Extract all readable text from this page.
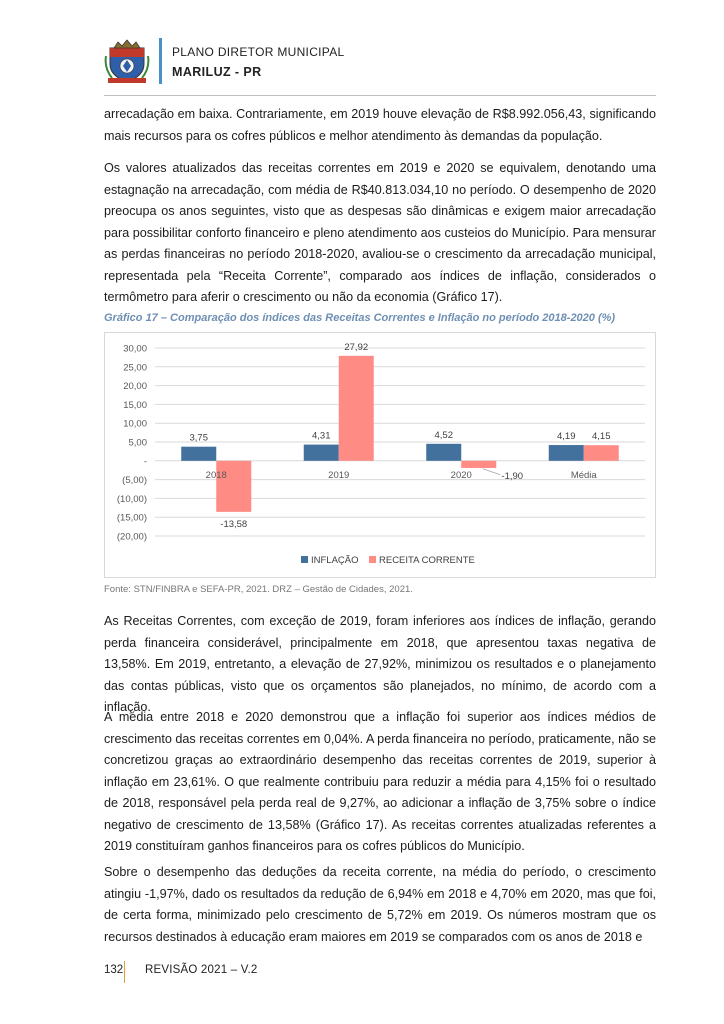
PLANO DIRETOR MUNICIPAL
MARILUZ - PR

arrecadação em baixa. Contrariamente, em 2019 houve elevação de R$8.992.056,43, significando mais recursos para os cofres públicos e melhor atendimento às demandas da população.

Os valores atualizados das receitas correntes em 2019 e 2020 se equivalem, denotando uma estagnação na arrecadação, com média de R$40.813.034,10 no período. O desempenho de 2020 preocupa os anos seguintes, visto que as despesas são dinâmicas e exigem maior arrecadação para possibilitar conforto financeiro e pleno atendimento aos custeios do Município. Para mensurar as perdas financeiras no período 2018-2020, avaliou-se o crescimento da arrecadação municipal, representada pela “Receita Corrente”, comparado aos índices de inflação, considerados o termômetro para aferir o crescimento ou não da economia (Gráfico 17).

Gráfico 17 – Comparação dos índices das Receitas Correntes e Inflação no período 2018-2020 (%)
30,00
25,00
20,00
15,00
10,00
5,00
-
(5,00)
(10,00)
(15,00)
(20,00)
3,75
-13,58
2018
4,31
27,92
2019
4,52
-1,90
2020
4,19 4,15
Média
INFLAÇÃO RECEITA CORRENTE
Fonte: STN/FINBRA e SEFA-PR, 2021. DRZ – Gestão de Cidades, 2021.

As Receitas Correntes, com exceção de 2019, foram inferiores aos índices de inflação, gerando perda financeira considerável, principalmente em 2018, que apresentou taxas negativa de 13,58%. Em 2019, entretanto, a elevação de 27,92%, minimizou os resultados e o planejamento das contas públicas, visto que os orçamentos são planejados, no mínimo, de acordo com a inflação.

A média entre 2018 e 2020 demonstrou que a inflação foi superior aos índices médios de crescimento das receitas correntes em 0,04%. A perda financeira no período, praticamente, não se concretizou graças ao extraordinário desempenho das receitas correntes de 2019, superior à inflação em 23,61%. O que realmente contribuiu para reduzir a média para 4,15% foi o resultado de 2018, responsável pela perda real de 9,27%, ao adicionar a inflação de 3,75% sobre o índice negativo de crescimento de 13,58% (Gráfico 17). As receitas correntes atualizadas referentes a 2019 constituíram ganhos financeiros para os cofres públicos do Município.

Sobre o desempenho das deduções da receita corrente, na média do período, o crescimento atingiu -1,97%, dado os resultados da redução de 6,94% em 2018 e 4,70% em 2020, mas que foi, de certa forma, minimizado pelo crescimento de 5,72% em 2019. Os números mostram que os recursos destinados à educação eram maiores em 2019 se comparados com os anos de 2018 e

132 REVISÃO 2021 – V.2
